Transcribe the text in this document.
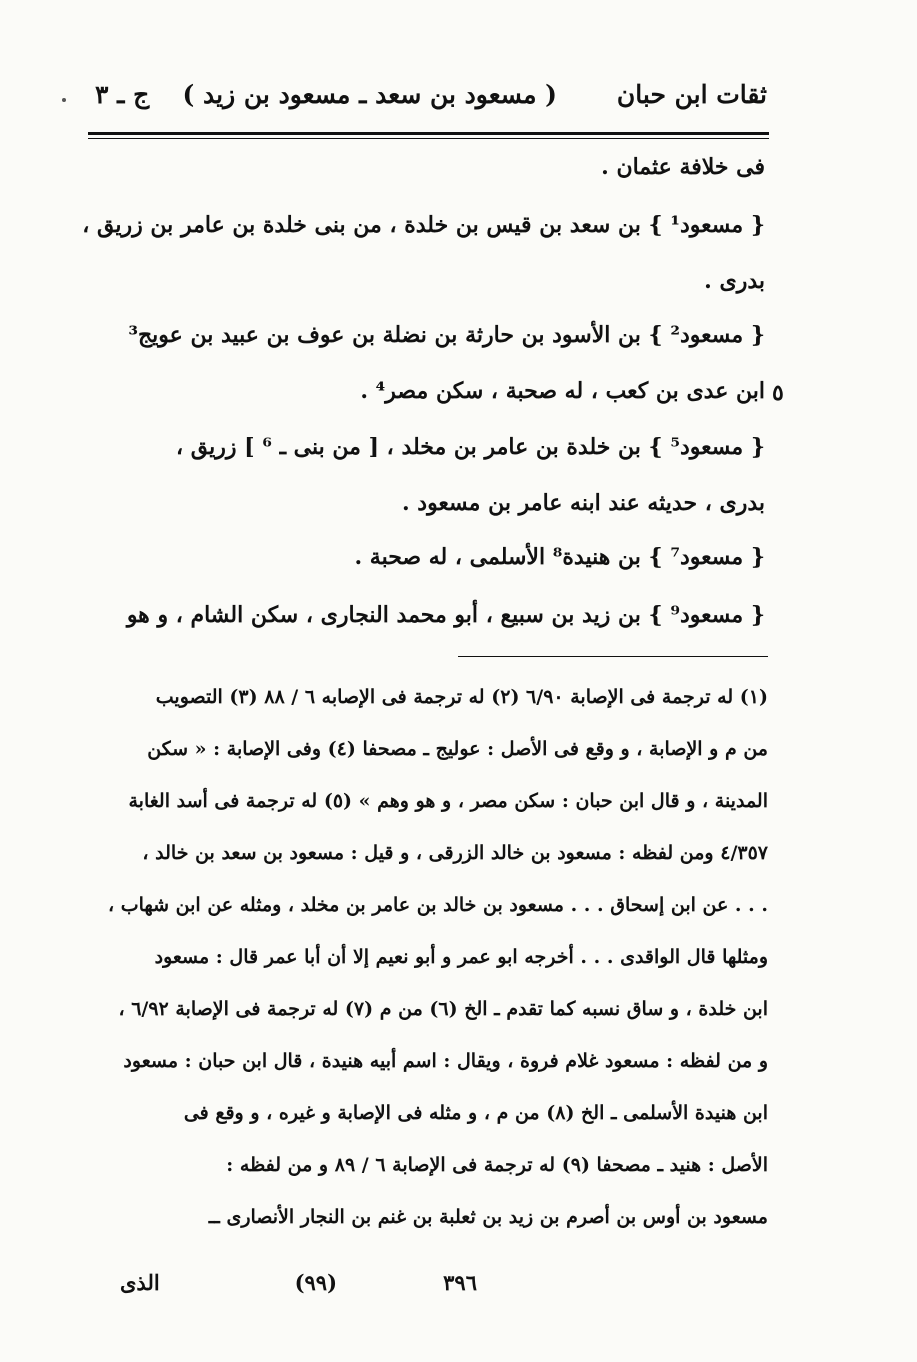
ثقات ابن حبان
( مسعود بن سعد ـ مسعود بن زيد )
ج ـ ٣
٥
فى خلافة عثمان .
{ مسعود¹ } بن سعد بن قيس بن خلدة ، من بنى خلدة بن عامر بن زريق ،
بدرى .
{ مسعود² } بن الأسود بن حارثة بن نضلة بن عوف بن عبيد بن عويج³
ابن عدى بن كعب ، له صحبة ، سكن مصر⁴ .
{ مسعود⁵ } بن خلدة بن عامر بن مخلد ، [ من بنى ـ ⁶ ] زريق ،
بدرى ، حديثه عند ابنه عامر بن مسعود .
{ مسعود⁷ } بن هنيدة⁸ الأسلمى ، له صحبة .
{ مسعود⁹ } بن زيد بن سبيع ، أبو محمد النجارى ، سكن الشام ، و هو
(١) له ترجمة فى الإصابة ٦/٩٠ (٢) له ترجمة فى الإصابه ٦ / ٨٨ (٣) التصويب
من م و الإصابة ، و وقع فى الأصل : عوليج ـ مصحفا (٤) وفى الإصابة : « سكن
المدينة ، و قال ابن حبان : سكن مصر ، و هو وهم » (٥) له ترجمة فى أسد الغابة
٤/٣٥٧ ومن لفظه : مسعود بن خالد الزرقى ، و قيل : مسعود بن سعد بن خالد ،
. . . عن ابن إسحاق . . . مسعود بن خالد بن عامر بن مخلد ، ومثله عن ابن شهاب ،
ومثلها قال الواقدى . . . أخرجه ابو عمر و أبو نعيم إلا أن أبا عمر قال : مسعود
ابن خلدة ، و ساق نسبه كما تقدم ـ الخ (٦) من م (٧) له ترجمة فى الإصابة ٦/٩٢ ،
و من لفظه : مسعود غلام فروة ، ويقال : اسم أبيه هنيدة ، قال ابن حبان : مسعود
ابن هنيدة الأسلمى ـ الخ (٨) من م ، و مثله فى الإصابة و غيره ، و وقع فى
الأصل : هنيد ـ مصحفا (٩) له ترجمة فى الإصابة ٦ / ٨٩ و من لفظه :
مسعود بن أوس بن أصرم بن زيد بن ثعلبة بن غنم بن النجار الأنصارى ــ
٣٩٦
(٩٩)
الذى
